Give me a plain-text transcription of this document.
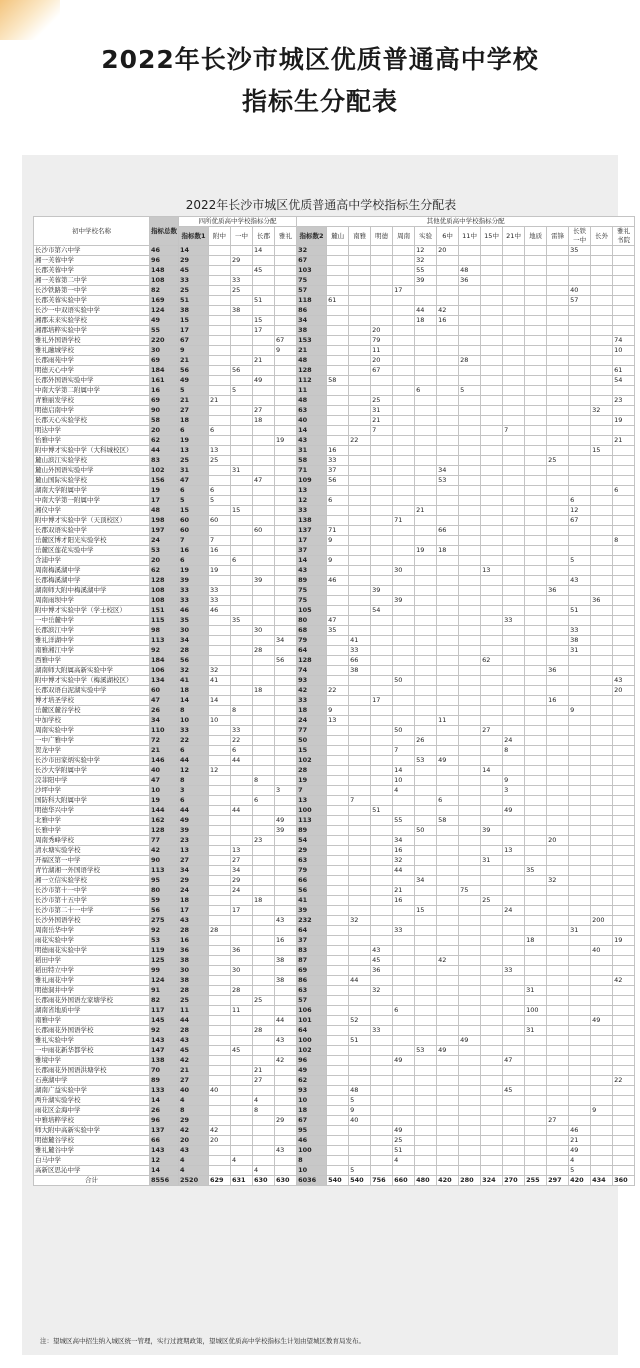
2022年长沙市城区优质普通高中学校
指标生分配表
2022年长沙市城区优质普通高中学校指标生分配表
初中学校名称	指标总数	四所优质高中学校指标分配					其他优质高中学校指标分配														
		指标数1	附中	一中	长郡	雅礼	指标数2	麓山	南雅	明德	周南	实验	6中	11中	15中	21中	地质	雷锋	长铁一中	长外	雅礼书院
长沙市第六中学	46	14			14		32					12	20						35		
湘一芙蓉中学	96	29		29			67					32									
长郡芙蓉中学	148	45			45		103					55		48							
湘一芙蓉第二中学	108	33		33			75					39		36							
长沙铁路第一中学	82	25		25			57				17								40		
长郡芙蓉实验中学	169	51			51		118	61											57		
长沙一中双语实验中学	124	38		38			86					44	42								
湘郡未来实验学校	49	15			15		34					18	16								
湘郡培粹实验中学	55	17			17		38			20											
雅礼外国语学校	220	67				67	153			79											74
雅礼融城学校	30	9				9	21			11											10
长郡雨苑中学	69	21			21		48			20				28							
明德天心中学	184	56		56			128			67											61
长郡外国语实验中学	161	49			49		112	58													54
中南大学第二附属中学	16	5		5			11					6		5							
青雅丽发学校	69	21	21				48			25											23
明德启南中学	90	27			27		63			31										32	
长郡天心实验学校	58	18			18		40			21											19
明达中学	20	6	6				14			7						7					
怡雅中学	62	19				19	43		22												21
附中博才实验中学（大科城校区）	44	13	13				31	16												15	
麓山滨江实验学校	83	25	25				58	33										25			
麓山外国语实验中学	102	31		31			71	37					34								
麓山国际实验学校	156	47			47		109	56					53								
湖南大学附属中学	19	6	6				13														6
中南大学第一附属中学	17	5	5				12	6											6		
湘仪中学	48	15		15			33					21							12		
附中博才实验中学（天顶校区）	198	60	60				138				71								67		
长郡双语实验中学	197	60			60		137	71					66								
岳麓区博才阳光实验学校	24	7	7				17	9													8
岳麓区莲花实验中学	53	16	16				37					19	18								
含浦中学	20	6		6			14	9											5		
周南梅溪湖中学	62	19	19				43				30				13						
长郡梅溪湖中学	128	39			39		89	46											43		
湖南师大附中梅溪湖中学	108	33	33				75			39								36			
周南雨坝中学	108	33	33				75				39									36	
附中博才实验中学（学士校区）	151	46	46				105			54									51		
一中岳麓中学	115	35		35			80	47								33					
长郡滨江中学	98	30			30		68	35											33		
雅礼洋湖中学	113	34				34	79		41										38		
南雅湘江中学	92	28			28		64		33										31		
西雅中学	184	56				56	128		66						62						
湖南师大附属高新实验中学	106	32	32				74		38									36			
附中博才实验中学（梅溪湖校区）	134	41	41				93				50										43
长郡双语白泥湖实验中学	60	18			18		42	22													20
博才培圣学校	47	14	14				33			17								16			
岳麓区麓谷学校	26	8		8			18	9											9		
中加学校	34	10	10				24	13					11								
周南实验中学	110	33		33			77				50				27						
一中广雅中学	72	22		22			50					26				24					
贺龙中学	21	6		6			15				7					8					
长沙市田家炳实验中学	146	44		44			102					53	49								
长沙大学附属中学	40	12	12				28				14				14						
浣菲阳中学	47	8			8		19				10					9					
沙坪中学	10	3				3	7				4					3					
国防科大附属中学	19	6			6		13		7				6								
明德华兴中学	144	44		44			100			51						49					
北雅中学	162	49				49	113				55		58								
长雅中学	128	39				39	89					50			39						
周南秀峰学校	77	23			23		54				34							20			
清水塘实验学校	42	13		13			29				16					13					
开福区第一中学	90	27		27			63				32				31						
青竹湖湘一外国语学校	113	34		34			79				44						35				
湘一立信实验学校	95	29		29			66					34						32			
长沙市第十一中学	80	24		24			56				21			75							
长沙市第十五中学	59	18			18		41				16				25						
长沙市第二十一中学	56	17		17			39					15				24					
长沙外国语学校	275	43				43	232		32											200	
周南岳华中学	92	28	28				64				33								31		
雨花实验中学	53	16				16	37										18				19
明德雨花实验中学	119	36		36			83			43										40	
稻田中学	125	38				38	87			45			42								
稻田特立中学	99	30		30			69			36						33					
雅礼雨花中学	124	38				38	86		44												42
明德洞井中学	91	28		28			63			32							31				
长郡雨花外国语左家塘学校	82	25			25		57														
湖南省地质中学	117	11		11			106				6						100				
南雅中学	145	44				44	101		52											49	
长郡雨花外国语学校	92	28			28		64			33							31				
雅礼实验中学	143	43				43	100		51					49							
一中雨花新华都学校	147	45		45			102					53	49								
雅境中学	138	42				42	96				49					47					
长郡雨花外国语洪塘学校	70	21			21		49														
石燕湖中学	89	27			27		62														22
湖南广益实验中学	133	40	40				93		48							45					
两升湖实验学校	14	4			4		10		5												
雨花区金海中学	26	8			8		18		9											9	
中雅培粹学校	96	29				29	67		40									27			
师大附中高新实验中学	137	42	42				95				49								46		
明德麓谷学校	66	20	20				46				25								21		
雅礼麓谷中学	143	43				43	100				51								49		
白马中学	12	4		4			8				4								4		
高新区思沁中学	14	4			4		10		5										5		
合计	8556	2520	629	631	630	630	6036	540	540	756	660	480	420	280	324	270	255	297	420	434	360
注：望城区高中招生纳入城区统一管理，实行过渡期政策，望城区优质高中学校指标生计划由望城区教育局发布。
